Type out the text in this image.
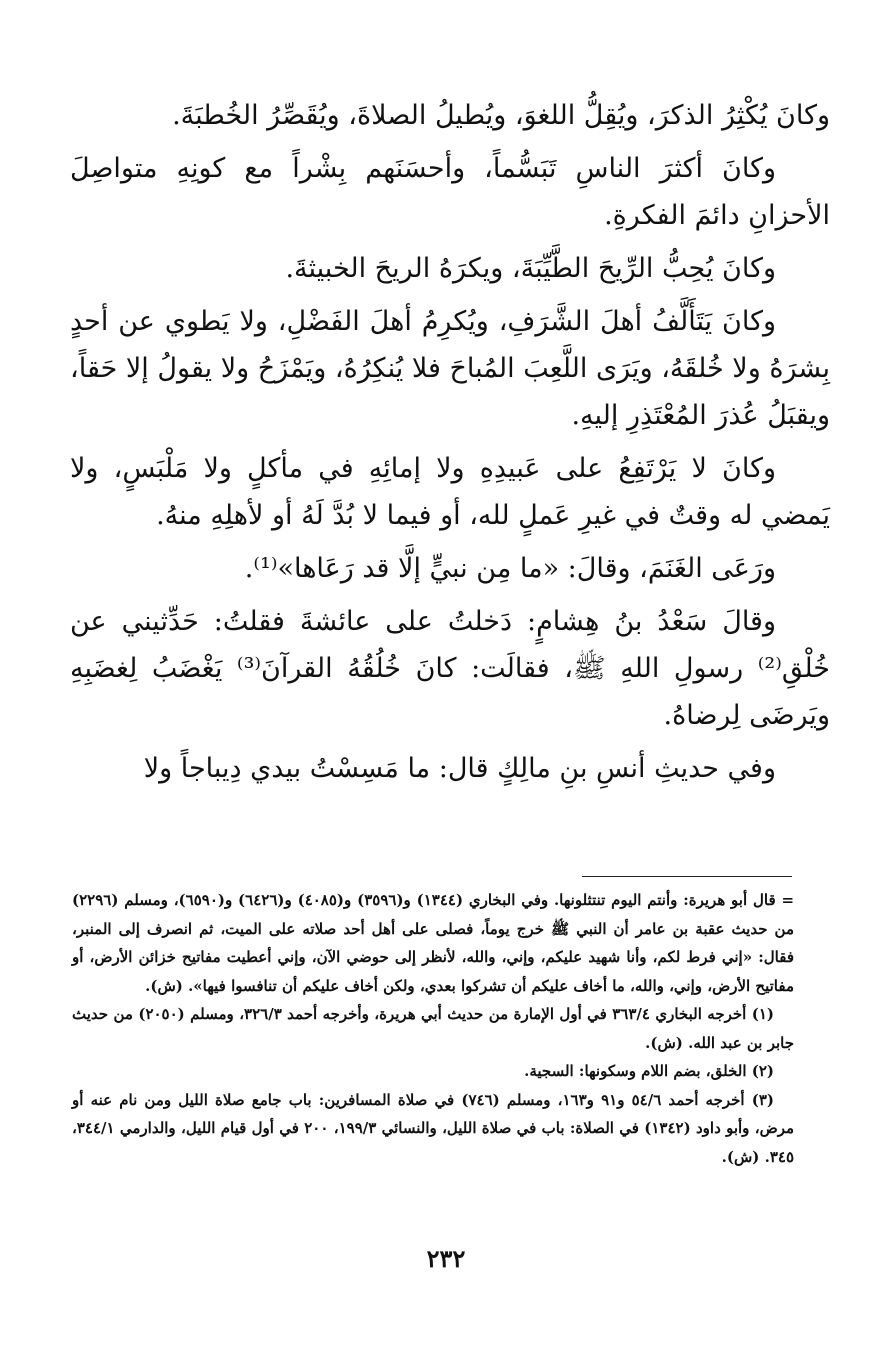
وكانَ يُكْثِرُ الذكرَ، ويُقِلُّ اللغوَ، ويُطيلُ الصلاةَ، ويُقَصِّرُ الخُطبَةَ.

وكانَ أكثرَ الناسِ تَبَسُّماً، وأحسَنَهم بِشْراً مع كونِهِ متواصِلَ الأحزانِ دائمَ الفكرةِ.

وكانَ يُحِبُّ الرِّيحَ الطَّيِّبَةَ، ويكرَهُ الريحَ الخبيثةَ.

وكانَ يَتَأَلَّفُ أهلَ الشَّرَفِ، ويُكرِمُ أهلَ الفَضْلِ، ولا يَطوي عن أحدٍ بِشرَهُ ولا خُلقَهُ، ويَرَى اللَّعِبَ المُباحَ فلا يُنكِرُهُ، ويَمْزَحُ ولا يقولُ إلا حَقاً، ويقبَلُ عُذرَ المُعْتَذِرِ إليهِ.

وكانَ لا يَرْتَفِعُ على عَبيدِهِ ولا إمائِهِ في مأكلٍ ولا مَلْبَسٍ، ولا يَمضي له وقتٌ في غيرِ عَملٍ لله، أو فيما لا بُدَّ لَهُ أو لأهلِهِ منهُ.

ورَعَى الغَنَمَ، وقالَ: «ما مِن نبيٍّ إلَّا قد رَعَاها»⁽¹⁾.

وقالَ سَعْدُ بنُ هِشامٍ: دَخلتُ على عائشةَ فقلتُ: حَدِّثيني عن خُلْقِ⁽²⁾ رسولِ اللهِ ﷺ، فقالَت: كانَ خُلُقُهُ القرآنَ⁽³⁾ يَغْضَبُ لِغضَبِهِ ويَرضَى لِرضاهُ.

وفي حديثِ أنسِ بنِ مالِكٍ قال: ما مَسِسْتُ بيدي دِيباجاً ولا

= قال أبو هريرة: وأنتم اليوم تنتثلونها. وفي البخاري (١٣٤٤) و(٣٥٩٦) و(٤٠٨٥) و(٦٤٢٦) و(٦٥٩٠)، ومسلم (٢٢٩٦) من حديث عقبة بن عامر أن النبي ﷺ خرج يوماً، فصلى على أهل أحد صلاته على الميت، ثم انصرف إلى المنبر، فقال: «إني فرط لكم، وأنا شهيد عليكم، وإني، والله، لأنظر إلى حوضي الآن، وإني أعطيت مفاتيح خزائن الأرض، أو مفاتيح الأرض، وإني، والله، ما أخاف عليكم أن تشركوا بعدي، ولكن أخاف عليكم أن تنافسوا فيها». (ش).

(١) أخرجه البخاري ٣٦٣/٤ في أول الإمارة من حديث أبي هريرة، وأخرجه أحمد ٣٢٦/٣، ومسلم (٢٠٥٠) من حديث جابر بن عبد الله. (ش).

(٢) الخلق، بضم اللام وسكونها: السجية.

(٣) أخرجه أحمد ٥٤/٦ و٩١ و١٦٣، ومسلم (٧٤٦) في صلاة المسافرين: باب جامع صلاة الليل ومن نام عنه أو مرض، وأبو داود (١٣٤٢) في الصلاة: باب في صلاة الليل، والنسائي ١٩٩/٣، ٢٠٠ في أول قيام الليل، والدارمي ٣٤٤/١، ٣٤٥. (ش).

٢٣٢
